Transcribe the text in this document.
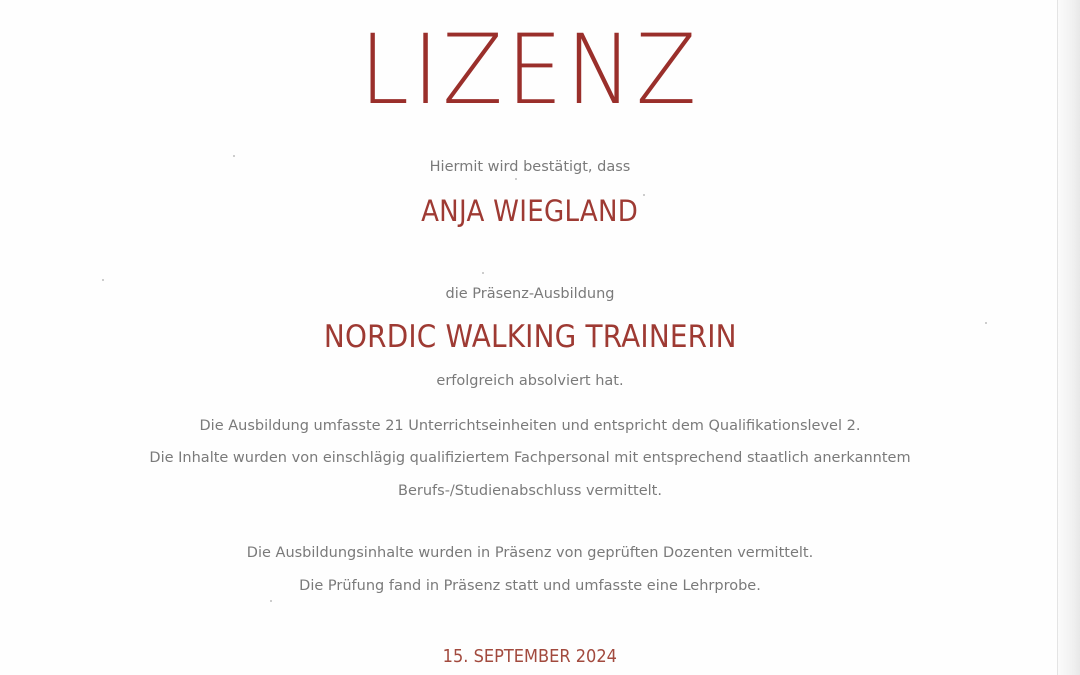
LIZENZ
Hiermit wird bestätigt, dass
ANJA WIEGLAND
die Präsenz-Ausbildung
NORDIC WALKING TRAINERIN
erfolgreich absolviert hat.
Die Ausbildung umfasste 21 Unterrichtseinheiten und entspricht dem Qualifikationslevel 2.
Die Inhalte wurden von einschlägig qualifiziertem Fachpersonal mit entsprechend staatlich anerkanntem
Berufs-/Studienabschluss vermittelt.
Die Ausbildungsinhalte wurden in Präsenz von geprüften Dozenten vermittelt.
Die Prüfung fand in Präsenz statt und umfasste eine Lehrprobe.
15. SEPTEMBER 2024
